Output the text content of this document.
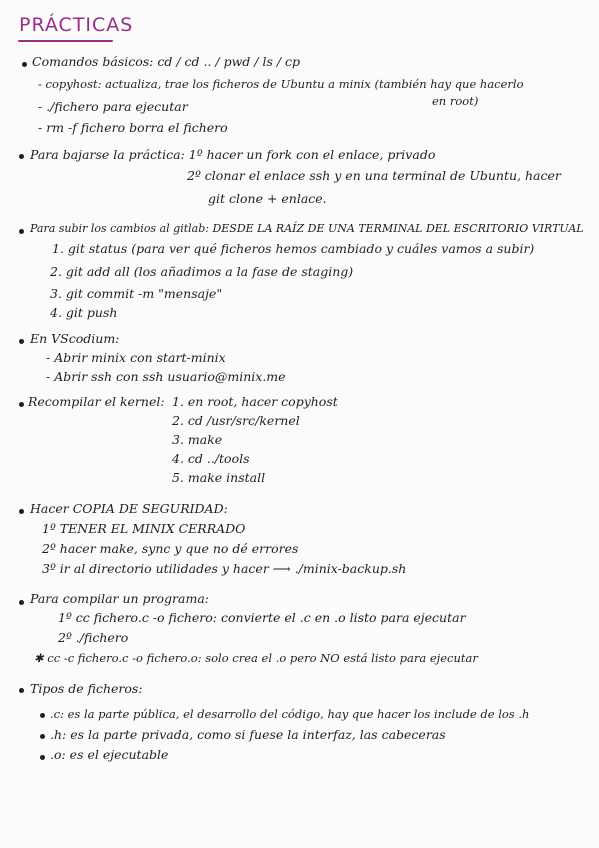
PRÁCTICAS
Comandos básicos: cd / cd .. / pwd / ls / cp
- copyhost: actualiza, trae los ficheros de Ubuntu a minix (también hay que hacerlo
en root)
- ./fichero para ejecutar
- rm -f fichero borra el fichero
Para bajarse la práctica: 1º hacer un fork con el enlace, privado
2º clonar el enlace ssh y en una terminal de Ubuntu, hacer
git clone + enlace.
Para subir los cambios al gitlab: DESDE LA RAÍZ DE UNA TERMINAL DEL ESCRITORIO VIRTUAL
1. git status (para ver qué ficheros hemos cambiado y cuáles vamos a subir)
2. git add all (los añadimos a la fase de staging)
3. git commit -m "mensaje"
4. git push
En VScodium:
- Abrir minix con start-minix
- Abrir ssh con ssh usuario@minix.me
Recompilar el kernel: 1. en root, hacer copyhost
2. cd /usr/src/kernel
3. make
4. cd ../tools
5. make install
Hacer COPIA DE SEGURIDAD:
1º TENER EL MINIX CERRADO
2º hacer make, sync y que no dé errores
3º ir al directorio utilidades y hacer ⟶ ./minix-backup.sh
Para compilar un programa:
1º cc fichero.c -o fichero: convierte el .c en .o listo para ejecutar
2º ./fichero
✱ cc -c fichero.c -o fichero.o: solo crea el .o pero NO está listo para ejecutar
Tipos de ficheros:
.c: es la parte pública, el desarrollo del código, hay que hacer los include de los .h
.h: es la parte privada, como si fuese la interfaz, las cabeceras
.o: es el ejecutable
